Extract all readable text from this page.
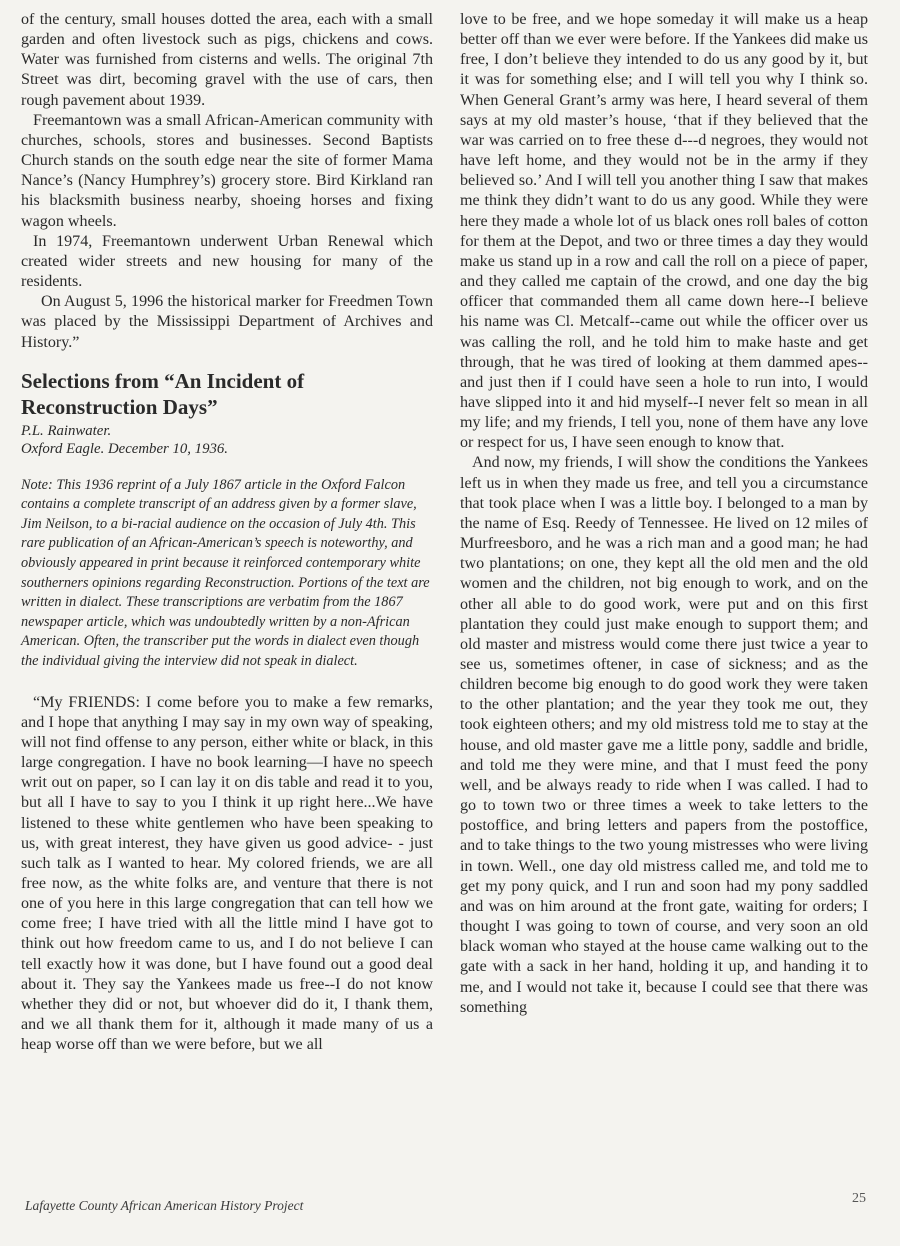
of the century, small houses dotted the area, each with a small garden and often livestock such as pigs, chickens and cows. Water was furnished from cisterns and wells. The original 7th Street was dirt, becoming gravel with the use of cars, then rough pavement about 1939.

Freemantown was a small African-American community with churches, schools, stores and businesses. Second Baptists Church stands on the south edge near the site of former Mama Nance’s (Nancy Humphrey’s) grocery store. Bird Kirkland ran his blacksmith business nearby, shoeing horses and fixing wagon wheels.

In 1974, Freemantown underwent Urban Renewal which created wider streets and new housing for many of the residents.

On August 5, 1996 the historical marker for Freedmen Town was placed by the Mississippi Department of Archives and History.”

Selections from “An Incident of Reconstruction Days”
P.L. Rainwater.
Oxford Eagle. December 10, 1936.

Note: This 1936 reprint of a July 1867 article in the Oxford Falcon contains a complete transcript of an address given by a former slave, Jim Neilson, to a bi-racial audience on the occasion of July 4th. This rare publication of an African-American’s speech is noteworthy, and obviously appeared in print because it reinforced contemporary white southerners opinions regarding Reconstruction. Portions of the text are written in dialect. These transcriptions are verbatim from the 1867 newspaper article, which was undoubtedly written by a non-African American. Often, the transcriber put the words in dialect even though the individual giving the interview did not speak in dialect.

“My FRIENDS: I come before you to make a few remarks, and I hope that anything I may say in my own way of speaking, will not find offense to any person, either white or black, in this large congregation. I have no book learning—I have no speech writ out on paper, so I can lay it on dis table and read it to you, but all I have to say to you I think it up right here...We have listened to these white gentlemen who have been speaking to us, with great interest, they have given us good advice- - just such talk as I wanted to hear. My colored friends, we are all free now, as the white folks are, and venture that there is not one of you here in this large congregation that can tell how we come free; I have tried with all the little mind I have got to think out how freedom came to us, and I do not believe I can tell exactly how it was done, but I have found out a good deal about it. They say the Yankees made us free--I do not know whether they did or not, but whoever did do it, I thank them, and we all thank them for it, although it made many of us a heap worse off than we were before, but we all

love to be free, and we hope someday it will make us a heap better off than we ever were before. If the Yankees did make us free, I don’t believe they intended to do us any good by it, but it was for something else; and I will tell you why I think so. When General Grant’s army was here, I heard several of them says at my old master’s house, ‘that if they believed that the war was carried on to free these d---d negroes, they would not have left home, and they would not be in the army if they believed so.’ And I will tell you another thing I saw that makes me think they didn’t want to do us any good. While they were here they made a whole lot of us black ones roll bales of cotton for them at the Depot, and two or three times a day they would make us stand up in a row and call the roll on a piece of paper, and they called me captain of the crowd, and one day the big officer that commanded them all came down here--I believe his name was Cl. Metcalf--came out while the officer over us was calling the roll, and he told him to make haste and get through, that he was tired of looking at them dammed apes--and just then if I could have seen a hole to run into, I would have slipped into it and hid myself--I never felt so mean in all my life; and my friends, I tell you, none of them have any love or respect for us, I have seen enough to know that.

And now, my friends, I will show the conditions the Yankees left us in when they made us free, and tell you a circumstance that took place when I was a little boy. I belonged to a man by the name of Esq. Reedy of Tennessee. He lived on 12 miles of Murfreesboro, and he was a rich man and a good man; he had two plantations; on one, they kept all the old men and the old women and the children, not big enough to work, and on the other all able to do good work, were put and on this first plantation they could just make enough to support them; and old master and mistress would come there just twice a year to see us, sometimes oftener, in case of sickness; and as the children become big enough to do good work they were taken to the other plantation; and the year they took me out, they took eighteen others; and my old mistress told me to stay at the house, and old master gave me a little pony, saddle and bridle, and told me they were mine, and that I must feed the pony well, and be always ready to ride when I was called. I had to go to town two or three times a week to take letters to the postoffice, and bring letters and papers from the postoffice, and to take things to the two young mistresses who were living in town. Well., one day old mistress called me, and told me to get my pony quick, and I run and soon had my pony saddled and was on him around at the front gate, waiting for orders; I thought I was going to town of course, and very soon an old black woman who stayed at the house came walking out to the gate with a sack in her hand, holding it up, and handing it to me, and I would not take it, because I could see that there was something

Lafayette County African American History Project	25
